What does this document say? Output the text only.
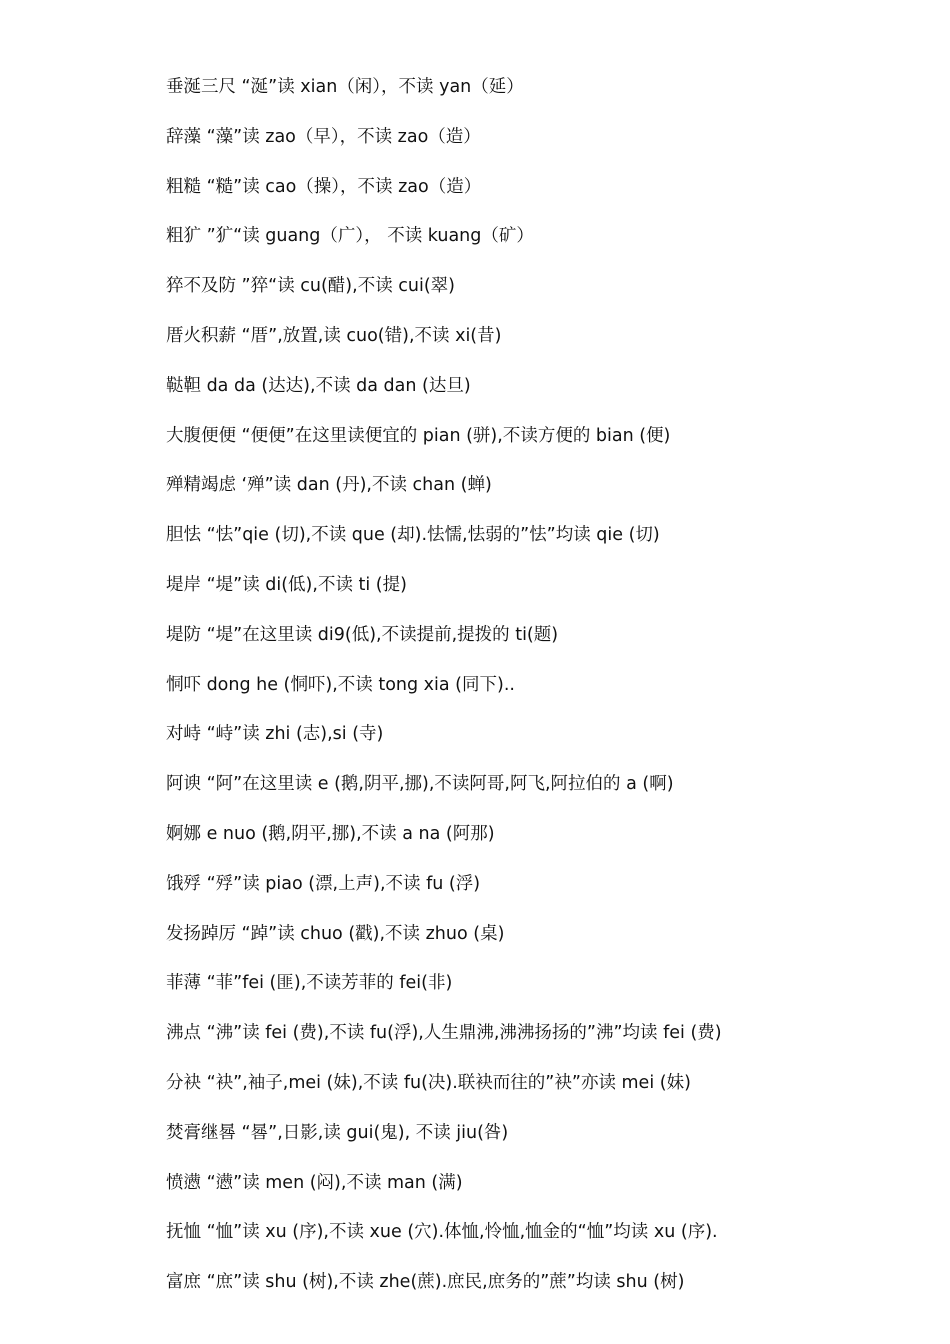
垂涎三尺 “涎”读 xian（闲），不读 yan（延）
辞藻 “藻”读 zao（早），不读 zao（造）
粗糙 “糙”读 cao（操），不读 zao（造）
粗犷 ”犷“读 guang（广）， 不读 kuang（矿）
猝不及防 ”猝“读 cu(醋),不读 cui(翠)
厝火积薪 “厝”,放置,读 cuo(错),不读 xi(昔)
鞑靼 da da (达达),不读 da dan (达旦)
大腹便便 “便便”在这里读便宜的 pian (骈),不读方便的 bian (便)
殚精竭虑 ‘殚”读 dan (丹),不读 chan (蝉)
胆怯 “怯”qie (切),不读 que (却).怯懦,怯弱的”怯”均读 qie (切)
堤岸 “堤”读 di(低),不读 ti (提)
堤防 “堤”在这里读 di9(低),不读提前,提拨的 ti(题)
恫吓 dong he (恫吓),不读 tong xia (同下)..
对峙 “峙”读 zhi (志),si (寺)
阿谀 “阿”在这里读 e (鹅,阴平,挪),不读阿哥,阿飞,阿拉伯的 a (啊)
婀娜 e nuo (鹅,阴平,挪),不读 a na (阿那)
饿殍 “殍”读 piao (漂,上声),不读 fu (浮)
发扬踔厉 “踔”读 chuo (戳),不读 zhuo (桌)
菲薄 “菲”fei (匪),不读芳菲的 fei(非)
沸点 “沸”读 fei (费),不读 fu(浮),人生鼎沸,沸沸扬扬的”沸”均读 fei (费)
分袂 “袂”,袖子,mei (妹),不读 fu(决).联袂而往的”袂”亦读 mei (妹)
焚膏继晷 “晷”,日影,读 gui(鬼), 不读 jiu(咎)
愤懑 “懑”读 men (闷),不读 man (满)
抚恤 “恤”读 xu (序),不读 xue (穴).体恤,怜恤,恤金的“恤”均读 xu (序).
富庶 “庶”读 shu (树),不读 zhe(蔗).庶民,庶务的”蔗”均读 shu (树)
